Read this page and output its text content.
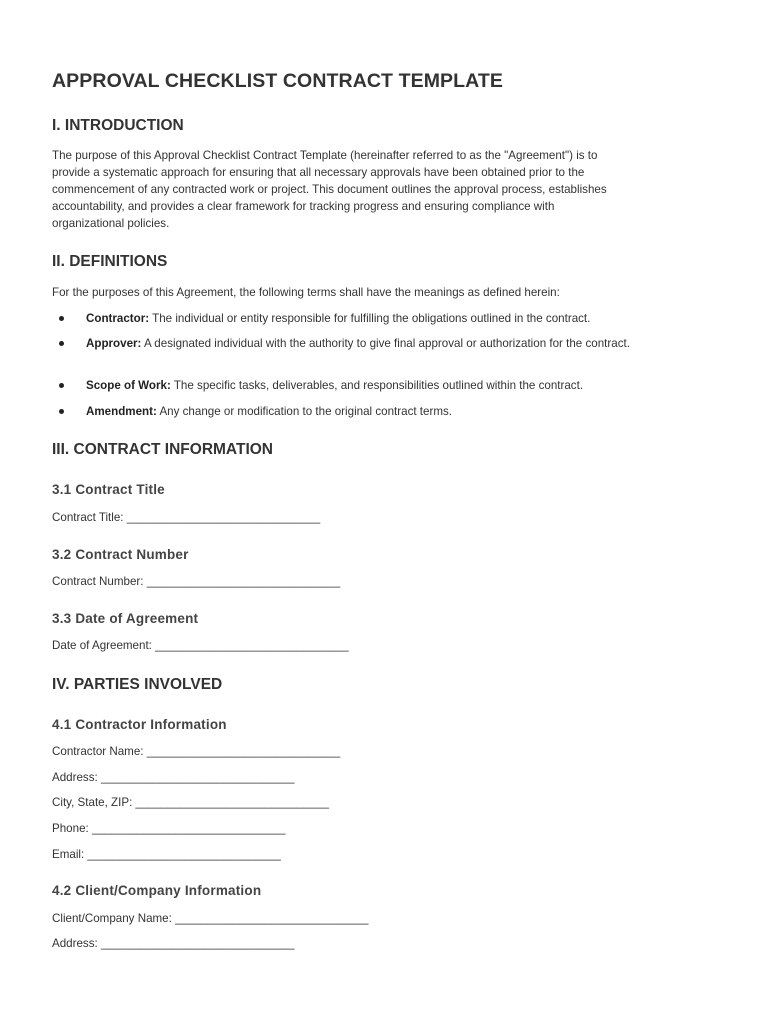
APPROVAL CHECKLIST CONTRACT TEMPLATE
I. INTRODUCTION
The purpose of this Approval Checklist Contract Template (hereinafter referred to as the "Agreement") is to
provide a systematic approach for ensuring that all necessary approvals have been obtained prior to the
commencement of any contracted work or project. This document outlines the approval process, establishes
accountability, and provides a clear framework for tracking progress and ensuring compliance with
organizational policies.
II. DEFINITIONS

For the purposes of this Agreement, the following terms shall have the meanings as defined herein:

Contractor: The individual or entity responsible for fulfilling the obligations outlined in the contract.
Approver: A designated individual with the authority to give final approval or authorization for the contract.
Scope of Work: The specific tasks, deliverables, and responsibilities outlined within the contract.
Amendment: Any change or modification to the original contract terms.
III. CONTRACT INFORMATION
3.1 Contract Title

Contract Title: ______________________________

3.2 Contract Number

Contract Number: ______________________________

3.3 Date of Agreement

Date of Agreement: ______________________________

IV. PARTIES INVOLVED
4.1 Contractor Information

Contractor Name: ______________________________

Address: ______________________________

City, State, ZIP: ______________________________

Phone: ______________________________

Email: ______________________________

4.2 Client/Company Information

Client/Company Name: ______________________________

Address: ______________________________
